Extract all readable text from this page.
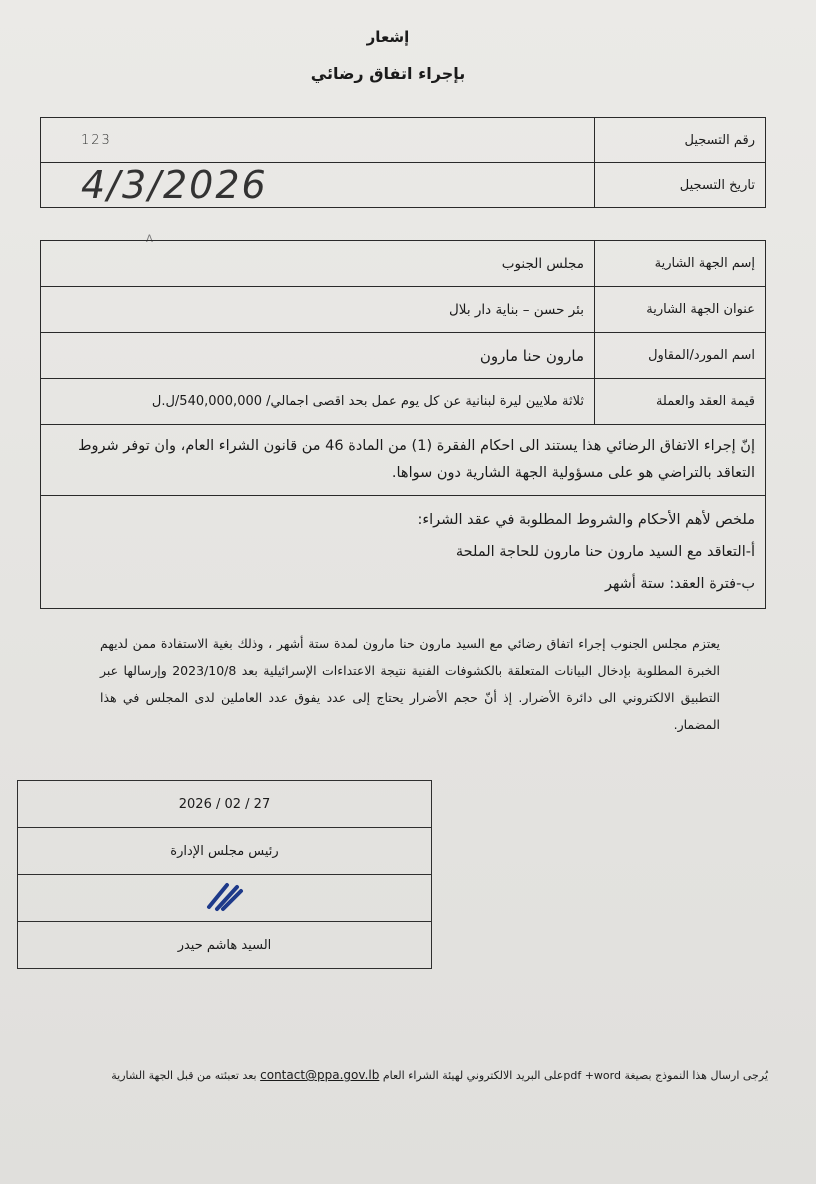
إشعار
بإجراء اتفاق رضائي
رقم التسجيل	123
تاريخ التسجيل	4/3/2026
ᐱ
إسم الجهة الشارية	مجلس الجنوب
عنوان الجهة الشارية	بئر حسن – بناية دار بلال
اسم المورد/المقاول	مارون حنا مارون
قيمة العقد والعملة	ثلاثة ملايين ليرة لبنانية عن كل يوم عمل بحد اقصى اجمالي/ 540,000,000/ل.ل
إنّ إجراء الاتفاق الرضائي هذا يستند الى احكام الفقرة (1) من المادة 46 من قانون الشراء العام، وان توفر شروط التعاقد بالتراضي هو على مسؤولية الجهة الشارية دون سواها.	

ملخص لأهم الأحكام والشروط المطلوبة في عقد الشراء:
أ-التعاقد مع السيد مارون حنا مارون للحاجة الملحة
ب-فترة العقد: ستة أشهر	
يعتزم مجلس الجنوب إجراء اتفاق رضائي مع السيد مارون حنا مارون لمدة ستة أشهر ، وذلك بغية الاستفادة ممن لديهم الخبرة المطلوبة بإدخال البيانات المتعلقة بالكشوفات الفنية نتيجة الاعتداءات الإسرائيلية بعد 2023/10/8 وإرسالها عبر التطبيق الالكتروني الى دائرة الأضرار. إذ أنّ حجم الأضرار يحتاج إلى عدد يفوق عدد العاملين لدى المجلس في هذا المضمار.
2026 / 02 / 27
رئيس مجلس الإدارة

السيد هاشم حيدر
يُرجى ارسال هذا النموذج بصيغة pdf +wordعلى البريد الالكتروني لهيئة الشراء العام contact@ppa.gov.lb بعد تعبئته من قبل الجهة الشارية
